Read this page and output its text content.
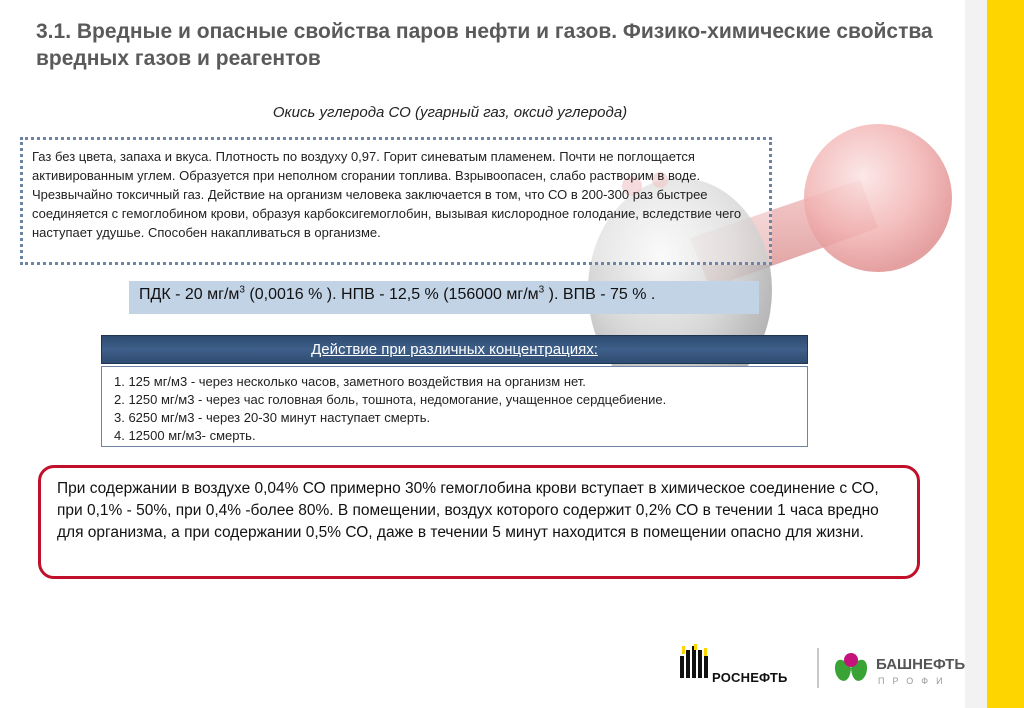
3.1. Вредные и опасные свойства паров нефти и газов. Физико-химические свойства вредных газов и реагентов
Окись углерода СО (угарный газ, оксид углерода)

Газ без цвета, запаха и вкуса. Плотность по воздуху 0,97. Горит синеватым пламенем. Почти не поглощается активированным углем. Образуется при неполном сгорании топлива. Взрывоопасен, слабо растворим в воде. Чрезвычайно токсичный газ. Действие на организм человека заключается в том, что СО в 200-300 раз быстрее соединяется с гемоглобином крови, образуя карбоксигемоглобин, вызывая кислородное голодание, вследствие чего наступает удушье. Способен накапливаться в организме.

ПДК - 20 $мг/м^3$ (0,0016 % ). НПВ - 12,5 % (156000 $мг/м^3$ ). ВПВ - 75 % .
Действие при различных концентрациях:
1. 125 мг/м3 - через несколько часов, заметного воздействия на организм нет.
2. 1250 мг/м3 - через час головная боль, тошнота, недомогание, учащенное сердцебиение.
3. 6250 мг/м3 - через 20-30 минут наступает смерть.
4. 12500 мг/м3- смерть.

При содержании в воздухе 0,04% СО примерно 30% гемоглобина крови вступает в химическое соединение с СО, при 0,1% - 50%, при 0,4% -более 80%. В помещении, воздух которого содержит 0,2% СО в течении 1 часа вредно для организма, а при содержании 0,5% СО, даже в течении 5 минут находится в помещении опасно для жизни.

РОСНЕФТЬ
БАШНЕФТЬ
ПРОФИ
